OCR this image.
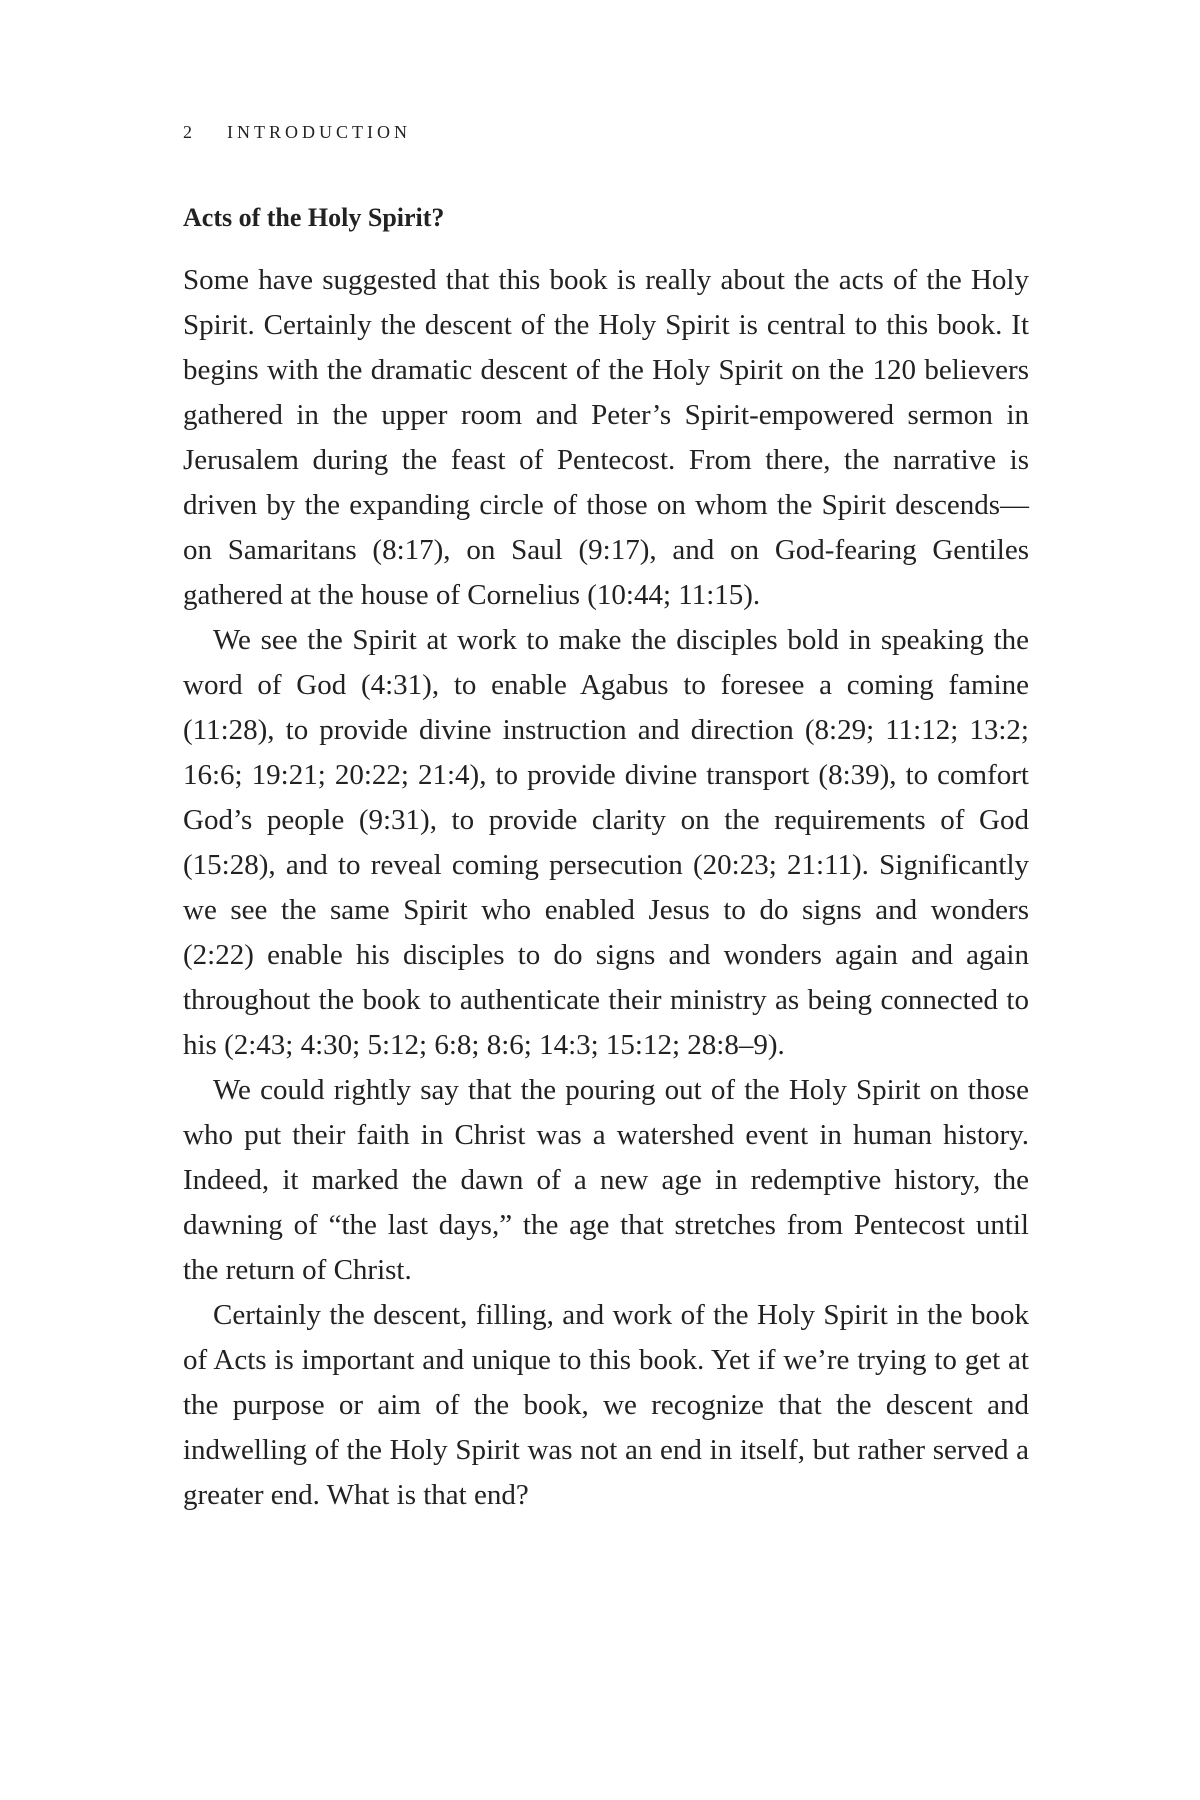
2 INTRODUCTION
Acts of the Holy Spirit?

Some have suggested that this book is really about the acts of the Holy Spirit. Certainly the descent of the Holy Spirit is central to this book. It begins with the dramatic descent of the Holy Spirit on the 120 believers gathered in the upper room and Peter’s Spirit-empowered sermon in Jerusalem during the feast of Pentecost. From there, the narrative is driven by the expanding circle of those on whom the Spirit descends—on Samaritans (8:17), on Saul (9:17), and on God-fearing Gentiles gathered at the house of Cornelius (10:44; 11:15).

We see the Spirit at work to make the disciples bold in speaking the word of God (4:31), to enable Agabus to foresee a coming famine (11:28), to provide divine instruction and direction (8:29; 11:12; 13:2; 16:6; 19:21; 20:22; 21:4), to provide divine transport (8:39), to comfort God’s people (9:31), to provide clarity on the requirements of God (15:28), and to reveal coming persecution (20:23; 21:11). Significantly we see the same Spirit who enabled Jesus to do signs and wonders (2:22) enable his disciples to do signs and wonders again and again throughout the book to authenticate their ministry as being connected to his (2:43; 4:30; 5:12; 6:8; 8:6; 14:3; 15:12; 28:8–9).

We could rightly say that the pouring out of the Holy Spirit on those who put their faith in Christ was a watershed event in human history. Indeed, it marked the dawn of a new age in redemptive history, the dawning of “the last days,” the age that stretches from Pentecost until the return of Christ.

Certainly the descent, filling, and work of the Holy Spirit in the book of Acts is important and unique to this book. Yet if we’re trying to get at the purpose or aim of the book, we recognize that the descent and indwelling of the Holy Spirit was not an end in itself, but rather served a greater end. What is that end?
